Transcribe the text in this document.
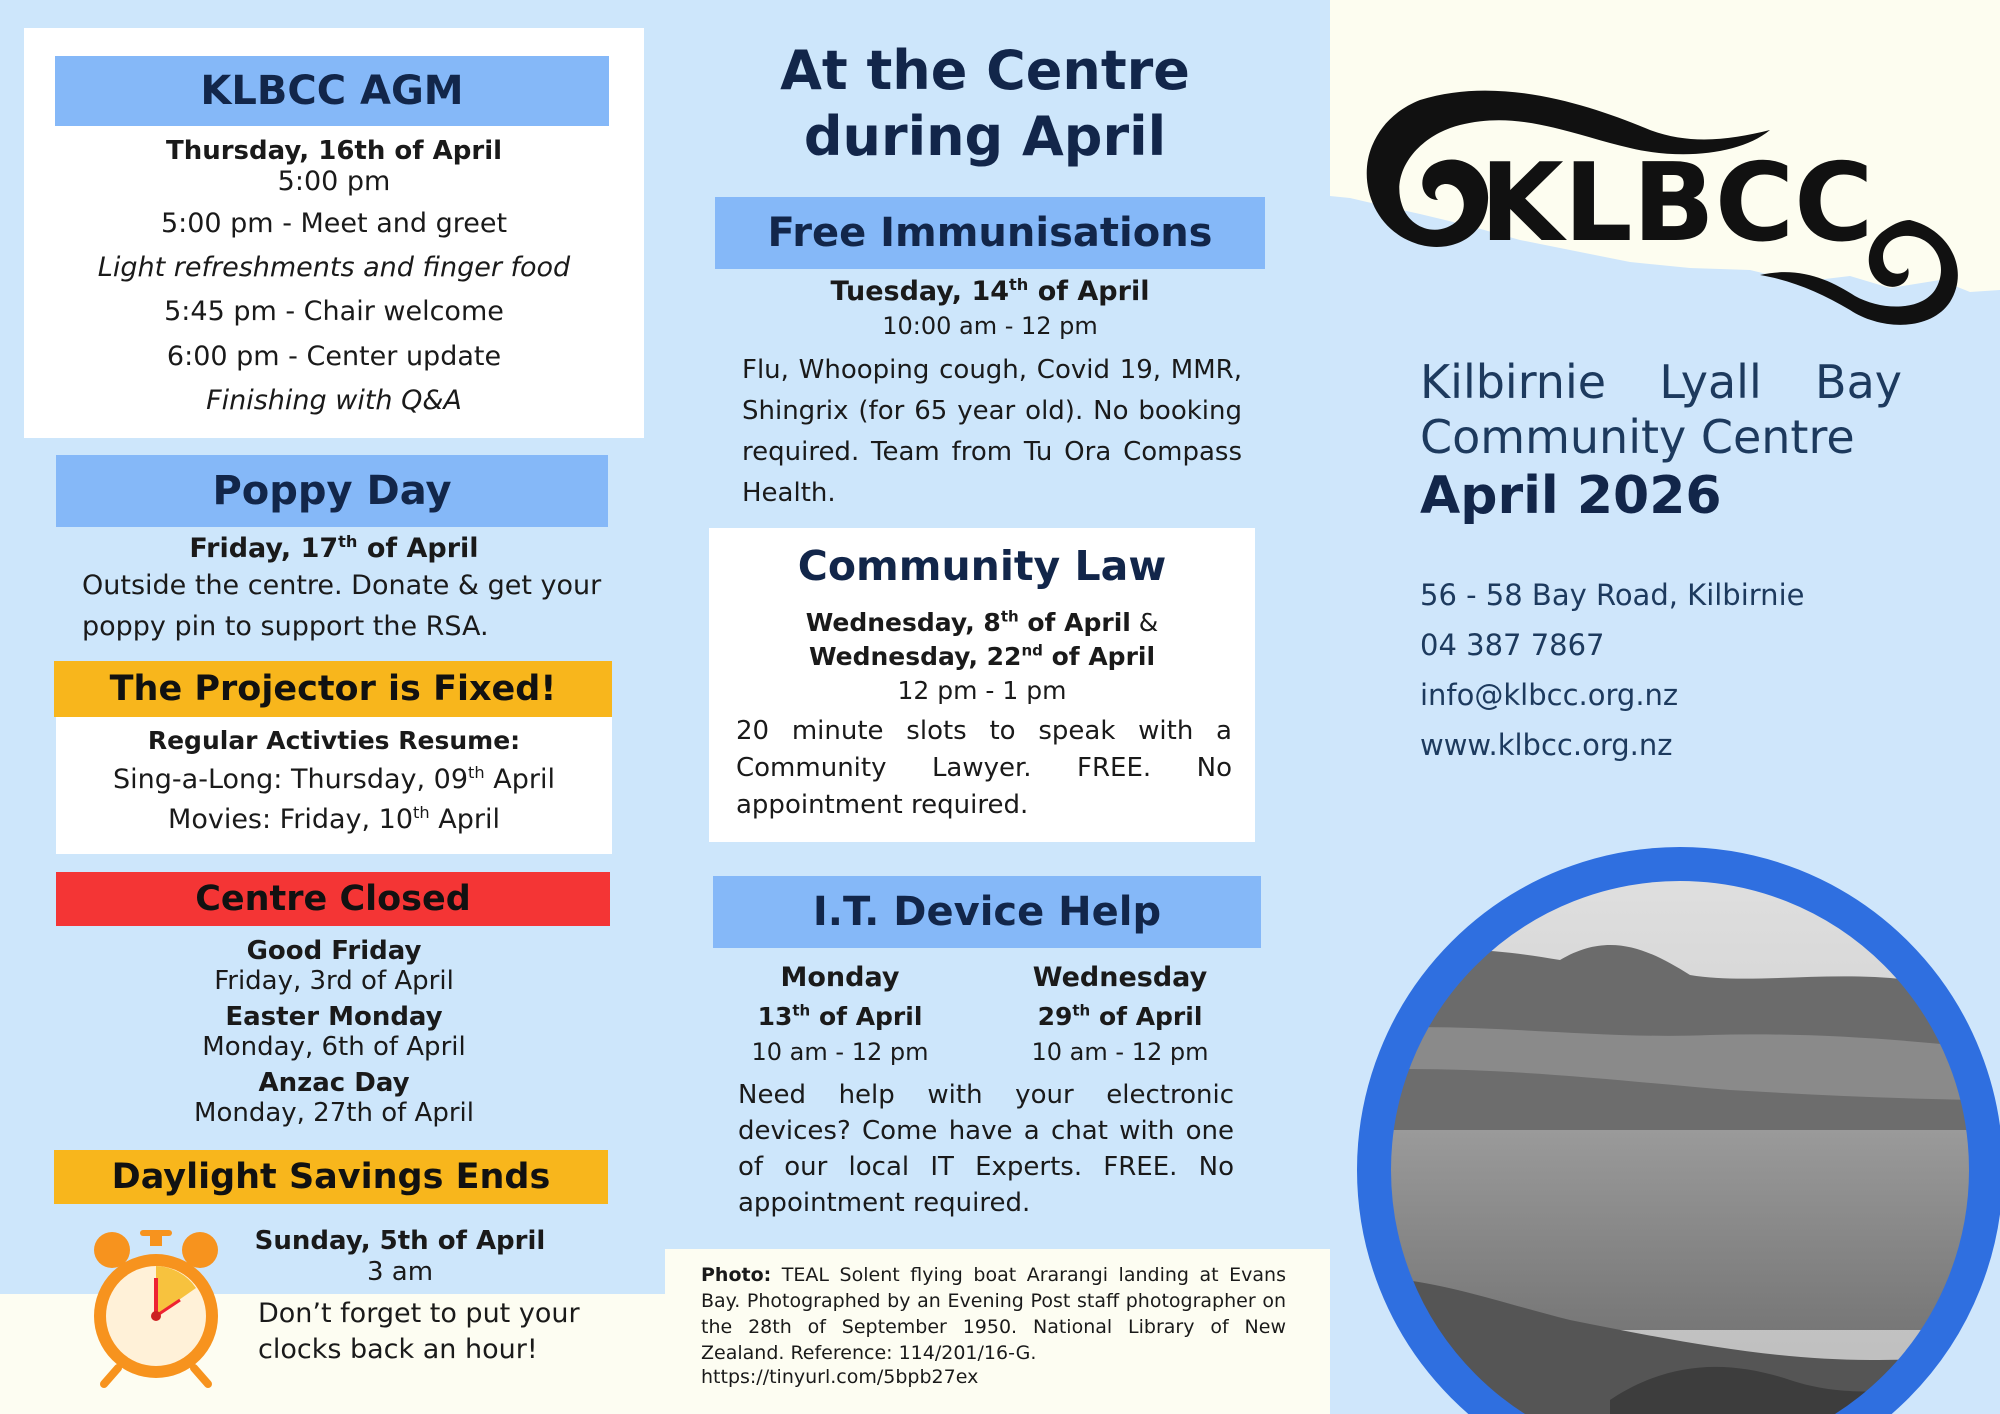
KLBCC AGM
Thursday, 16th of April
5:00 pm
5:00 pm - Meet and greet
Light refreshments and finger food
5:45 pm - Chair welcome
6:00 pm - Center update
Finishing with Q&A
Poppy Day
Friday, 17th of April
Outside the centre. Donate & get your
poppy pin to support the RSA.
The Projector is Fixed!
Regular Activties Resume:
Sing-a-Long: Thursday, 09th April
Movies: Friday, 10th April
Centre Closed
Good Friday
Friday, 3rd of April
Easter Monday
Monday, 6th of April
Anzac Day
Monday, 27th of April
Daylight Savings Ends
Sunday, 5th of April
3 am
Don’t forget to put your
clocks back an hour!
At the Centre
during April
Free Immunisations
Tuesday, 14th of April
10:00 am - 12 pm
Flu, Whooping cough, Covid 19, MMR, Shingrix (for 65 year old). No booking required. Team from Tu Ora Compass Health.
Community Law
Wednesday, 8th of April &
Wednesday, 22nd of April
12 pm - 1 pm
20 minute slots to speak with a Community Lawyer. FREE. No appointment required.
I.T. Device Help
Monday
13th of April
10 am - 12 pm
Wednesday
29th of April
10 am - 12 pm
Need help with your electronic devices? Come have a chat with one of our local IT Experts. FREE. No appointment required.
Photo: TEAL Solent flying boat Ararangi landing at Evans Bay. Photographed by an Evening Post staff photographer on the 28th of September 1950. National Library of New Zealand. Reference: 114/201/16-G.
https://tinyurl.com/5bpb27ex
KLBCC
Kilbirnie Lyall Bay
Community Centre
April 2026
56 - 58 Bay Road, Kilbirnie
04 387 7867
info@klbcc.org.nz
www.klbcc.org.nz
